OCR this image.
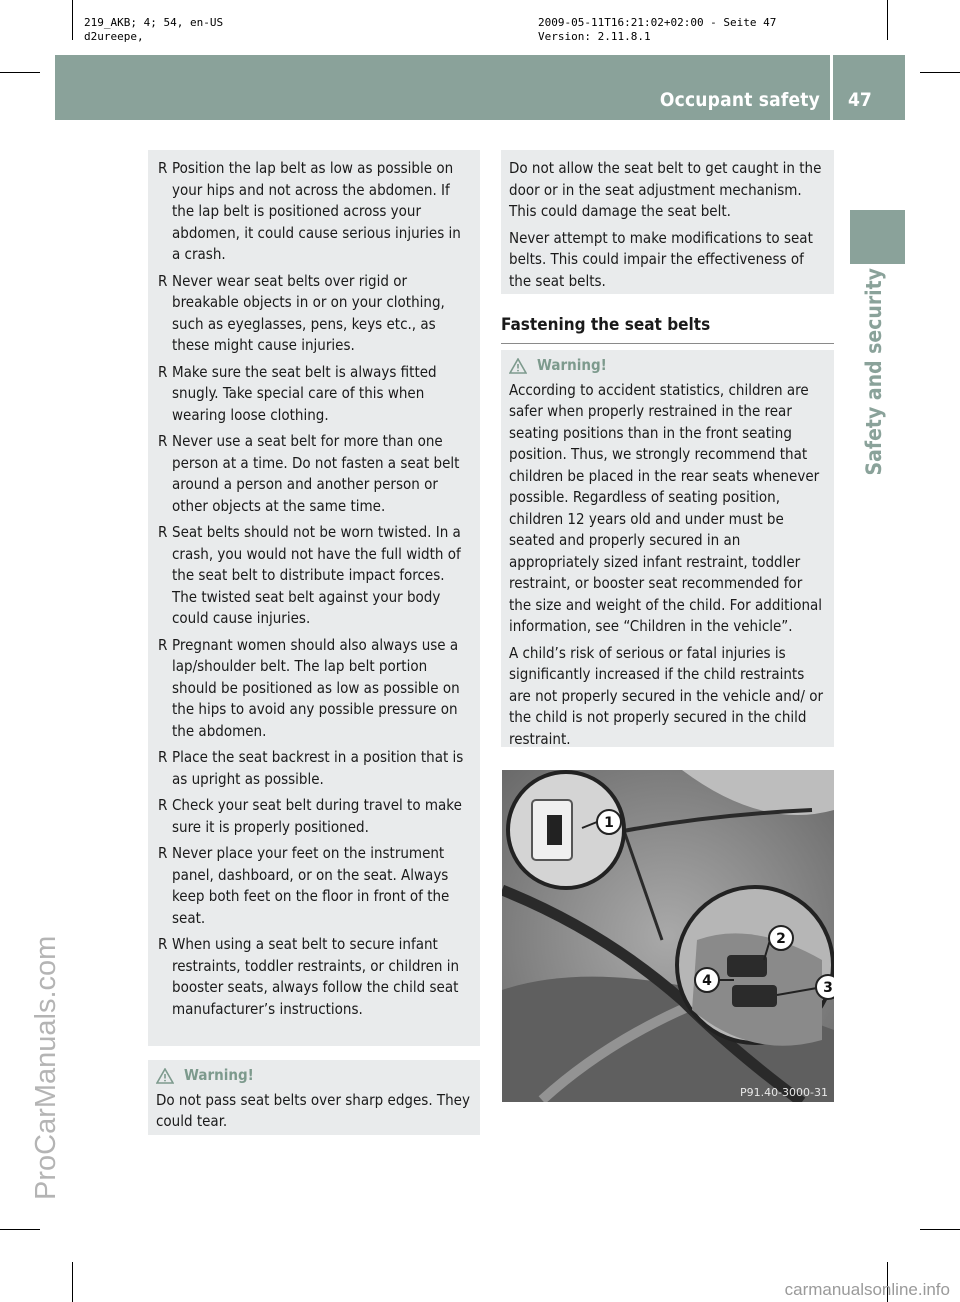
219_AKB; 4; 54, en-US
d2ureepe,
2009-05-11T16:21:02+02:00 - Seite 47
Version: 2.11.8.1
Occupant safety 47
Safety and security
R Position the lap belt as low as possible on your hips and not across the abdomen. If the lap belt is positioned across your abdomen, it could cause serious injuries in a crash.
R Never wear seat belts over rigid or breakable objects in or on your clothing, such as eyeglasses, pens, keys etc., as these might cause injuries.
R Make sure the seat belt is always fitted snugly. Take special care of this when wearing loose clothing.
R Never use a seat belt for more than one person at a time. Do not fasten a seat belt around a person and another person or other objects at the same time.
R Seat belts should not be worn twisted. In a crash, you would not have the full width of the seat belt to distribute impact forces. The twisted seat belt against your body could cause injuries.
R Pregnant women should also always use a lap/shoulder belt. The lap belt portion should be positioned as low as possible on the hips to avoid any possible pressure on the abdomen.
R Place the seat backrest in a position that is as upright as possible.
R Check your seat belt during travel to make sure it is properly positioned.
R Never place your feet on the instrument panel, dashboard, or on the seat. Always keep both feet on the floor in front of the seat.
R When using a seat belt to secure infant restraints, toddler restraints, or children in booster seats, always follow the child seat manufacturer’s instructions.
Warning!
Do not pass seat belts over sharp edges. They could tear.

Do not allow the seat belt to get caught in the door or in the seat adjustment mechanism. This could damage the seat belt.

Never attempt to make modifications to seat belts. This could impair the effectiveness of the seat belts.

Fastening the seat belts
Warning!

According to accident statistics, children are safer when properly restrained in the rear seating positions than in the front seating position. Thus, we strongly recommend that children be placed in the rear seats whenever possible. Regardless of seating position, children 12 years old and under must be seated and properly secured in an appropriately sized infant restraint, toddler restraint, or booster seat recommended for the size and weight of the child. For additional information, see “Children in the vehicle”.

A child’s risk of serious or fatal injuries is significantly increased if the child restraints are not properly secured in the vehicle and/ or the child is not properly secured in the child restraint.

1
2
3
4
P91.40-3000-31
ProCarManuals.com
carmanualsonline.info
